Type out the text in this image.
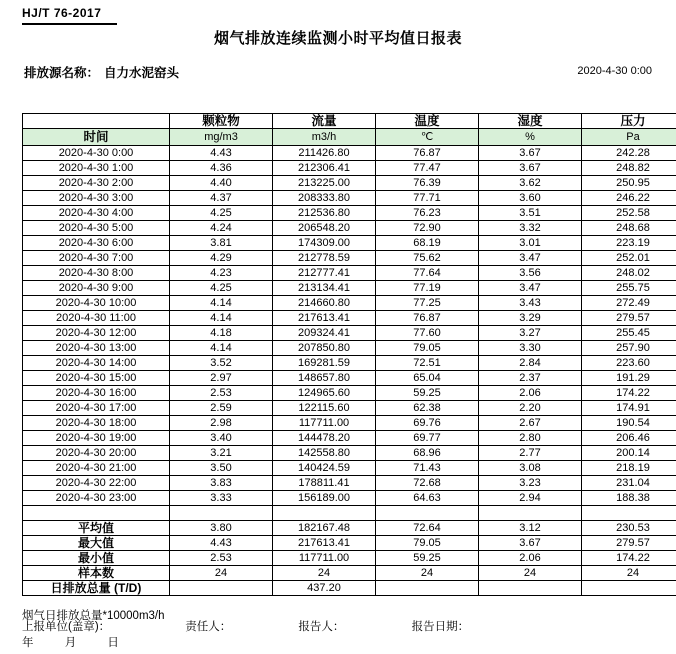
HJ/T 76-2017
烟气排放连续监测小时平均值日报表
排放源名称： 自力水泥窑头	2020-4-30 0:00
	颗粒物	流量	温度	湿度	压力
时间	mg/m3	m3/h	℃	%	Pa
2020-4-30 0:00	4.43	211426.80	76.87	3.67	242.28
2020-4-30 1:00	4.36	212306.41	77.47	3.67	248.82
2020-4-30 2:00	4.40	213225.00	76.39	3.62	250.95
2020-4-30 3:00	4.37	208333.80	77.71	3.60	246.22
2020-4-30 4:00	4.25	212536.80	76.23	3.51	252.58
2020-4-30 5:00	4.24	206548.20	72.90	3.32	248.68
2020-4-30 6:00	3.81	174309.00	68.19	3.01	223.19
2020-4-30 7:00	4.29	212778.59	75.62	3.47	252.01
2020-4-30 8:00	4.23	212777.41	77.64	3.56	248.02
2020-4-30 9:00	4.25	213134.41	77.19	3.47	255.75
2020-4-30 10:00	4.14	214660.80	77.25	3.43	272.49
2020-4-30 11:00	4.14	217613.41	76.87	3.29	279.57
2020-4-30 12:00	4.18	209324.41	77.60	3.27	255.45
2020-4-30 13:00	4.14	207850.80	79.05	3.30	257.90
2020-4-30 14:00	3.52	169281.59	72.51	2.84	223.60
2020-4-30 15:00	2.97	148657.80	65.04	2.37	191.29
2020-4-30 16:00	2.53	124965.60	59.25	2.06	174.22
2020-4-30 17:00	2.59	122115.60	62.38	2.20	174.91
2020-4-30 18:00	2.98	117711.00	69.76	2.67	190.54
2020-4-30 19:00	3.40	144478.20	69.77	2.80	206.46
2020-4-30 20:00	3.21	142558.80	68.96	2.77	200.14
2020-4-30 21:00	3.50	140424.59	71.43	3.08	218.19
2020-4-30 22:00	3.83	178811.41	72.68	3.23	231.04
2020-4-30 23:00	3.33	156189.00	64.63	2.94	188.38

平均值	3.80	182167.48	72.64	3.12	230.53
最大值	4.43	217613.41	79.05	3.67	279.57
最小值	2.53	117711.00	59.25	2.06	174.22
样本数	24	24	24	24	24
日排放总量 (T/D)		437.20			
烟气日排放总量*10000m3/h
上报单位(盖章)：	责任人：	报告人：	报告日期： 年 月 日
